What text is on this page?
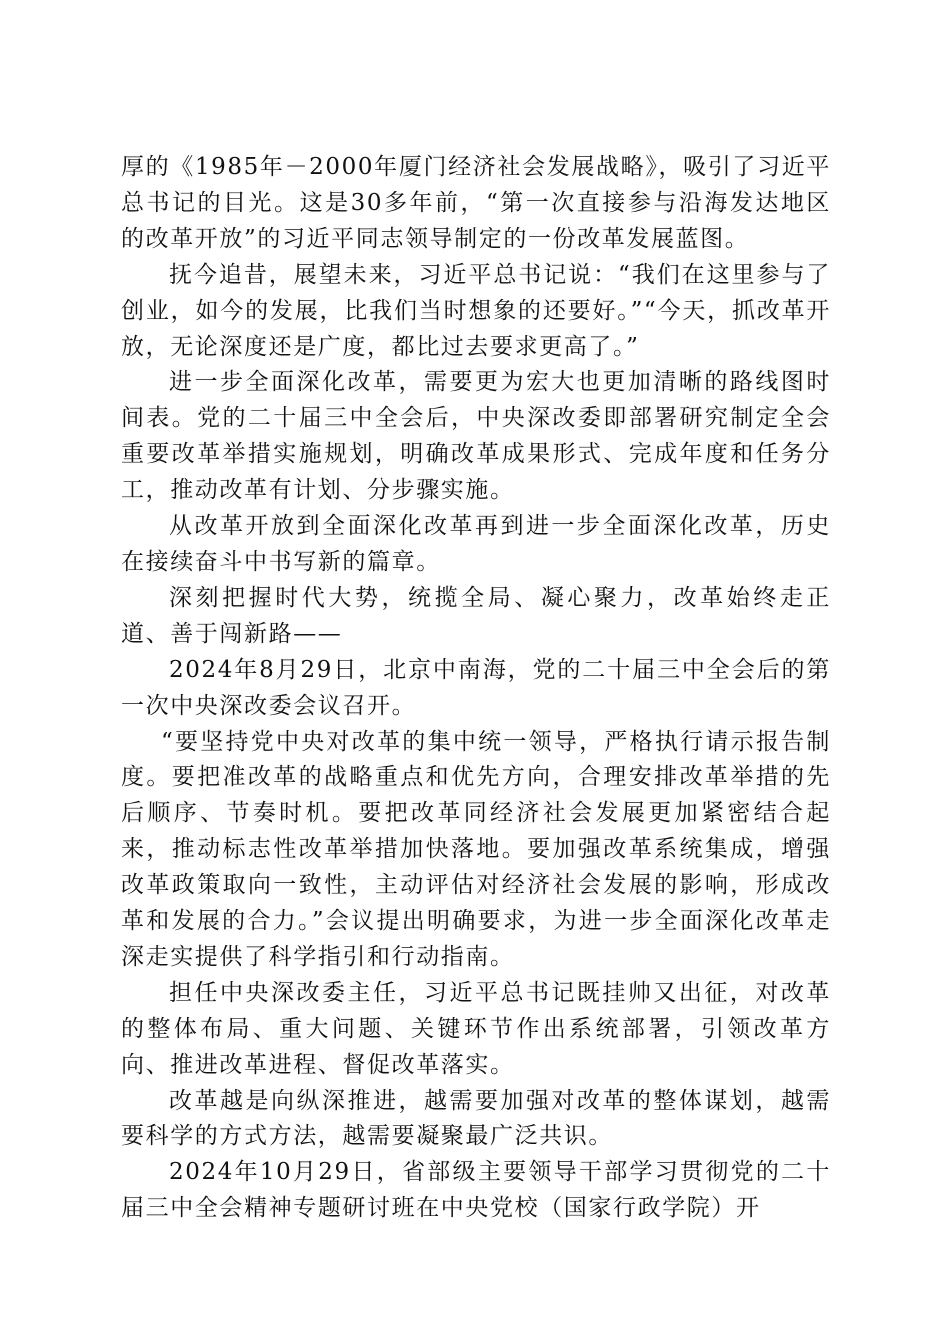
厚的《1985年－2000年厦门经济社会发展战略》，吸引了习近平总书记的目光。这是30多年前，“第一次直接参与沿海发达地区的改革开放”的习近平同志领导制定的一份改革发展蓝图。

抚今追昔，展望未来，习近平总书记说：“我们在这里参与了创业，如今的发展，比我们当时想象的还要好。”“今天，抓改革开放，无论深度还是广度，都比过去要求更高了。”

进一步全面深化改革，需要更为宏大也更加清晰的路线图时间表。党的二十届三中全会后，中央深改委即部署研究制定全会重要改革举措实施规划，明确改革成果形式、完成年度和任务分工，推动改革有计划、分步骤实施。

从改革开放到全面深化改革再到进一步全面深化改革，历史在接续奋斗中书写新的篇章。

深刻把握时代大势，统揽全局、凝心聚力，改革始终走正道、善于闯新路——

2024年8月29日，北京中南海，党的二十届三中全会后的第一次中央深改委会议召开。

“要坚持党中央对改革的集中统一领导，严格执行请示报告制度。要把准改革的战略重点和优先方向，合理安排改革举措的先后顺序、节奏时机。要把改革同经济社会发展更加紧密结合起来，推动标志性改革举措加快落地。要加强改革系统集成，增强改革政策取向一致性，主动评估对经济社会发展的影响，形成改革和发展的合力。”会议提出明确要求，为进一步全面深化改革走深走实提供了科学指引和行动指南。

担任中央深改委主任，习近平总书记既挂帅又出征，对改革的整体布局、重大问题、关键环节作出系统部署，引领改革方向、推进改革进程、督促改革落实。

改革越是向纵深推进，越需要加强对改革的整体谋划，越需要科学的方式方法，越需要凝聚最广泛共识。

2024年10月29日，省部级主要领导干部学习贯彻党的二十届三中全会精神专题研讨班在中央党校（国家行政学院）开
